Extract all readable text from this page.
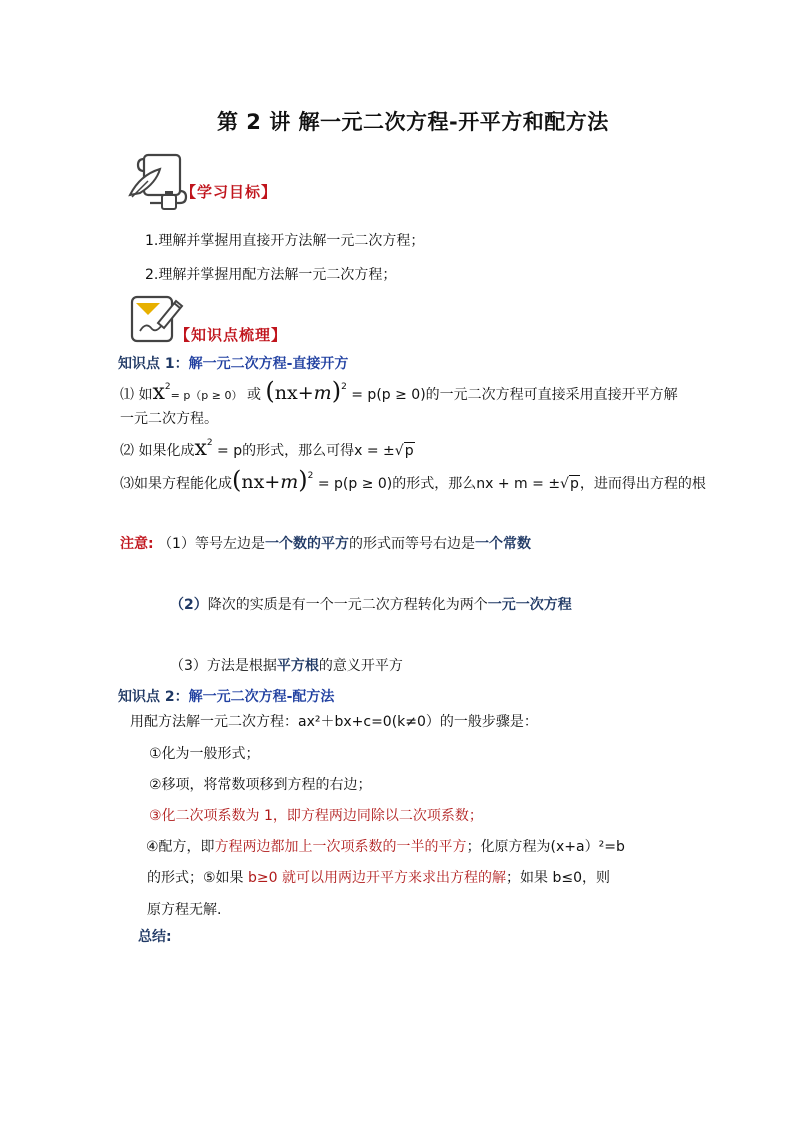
第 2 讲 解一元二次方程-开平方和配方法
【学习目标】
1.理解并掌握用直接开方法解一元二次方程；
2.理解并掌握用配方法解一元二次方程；
【知识点梳理】
知识点 1：解一元二次方程-直接开方
⑴ 如$x^2= p(p \ge 0)$ 或 $(nx+m)^2 = p(p \ge 0)$的一元二次方程可直接采用直接开平方解
一元二次方程。
⑵ 如果化成$x^2 = p$的形式，那么可得x = ±√p
⑶如果方程能化成$(nx+m)^2 = p(p \ge 0)$的形式，那么nx + m = ±√p，进而得出方程的根
注意: （1）等号左边是一个数的平方的形式而等号右边是一个常数
（2）降次的实质是有一个一元二次方程转化为两个一元一次方程
（3）方法是根据平方根的意义开平方
知识点 2：解一元二次方程-配方法
用配方法解一元二次方程：ax²＋bx+c=0(k≠0）的一般步骤是：
①化为一般形式；
②移项，将常数项移到方程的右边；
③化二次项系数为 1，即方程两边同除以二次项系数；
④配方，即方程两边都加上一次项系数的一半的平方；化原方程为(x+a）²=b
的形式；⑤如果 b≥0 就可以用两边开平方来求出方程的解；如果 b≤0，则
原方程无解.
总结:
